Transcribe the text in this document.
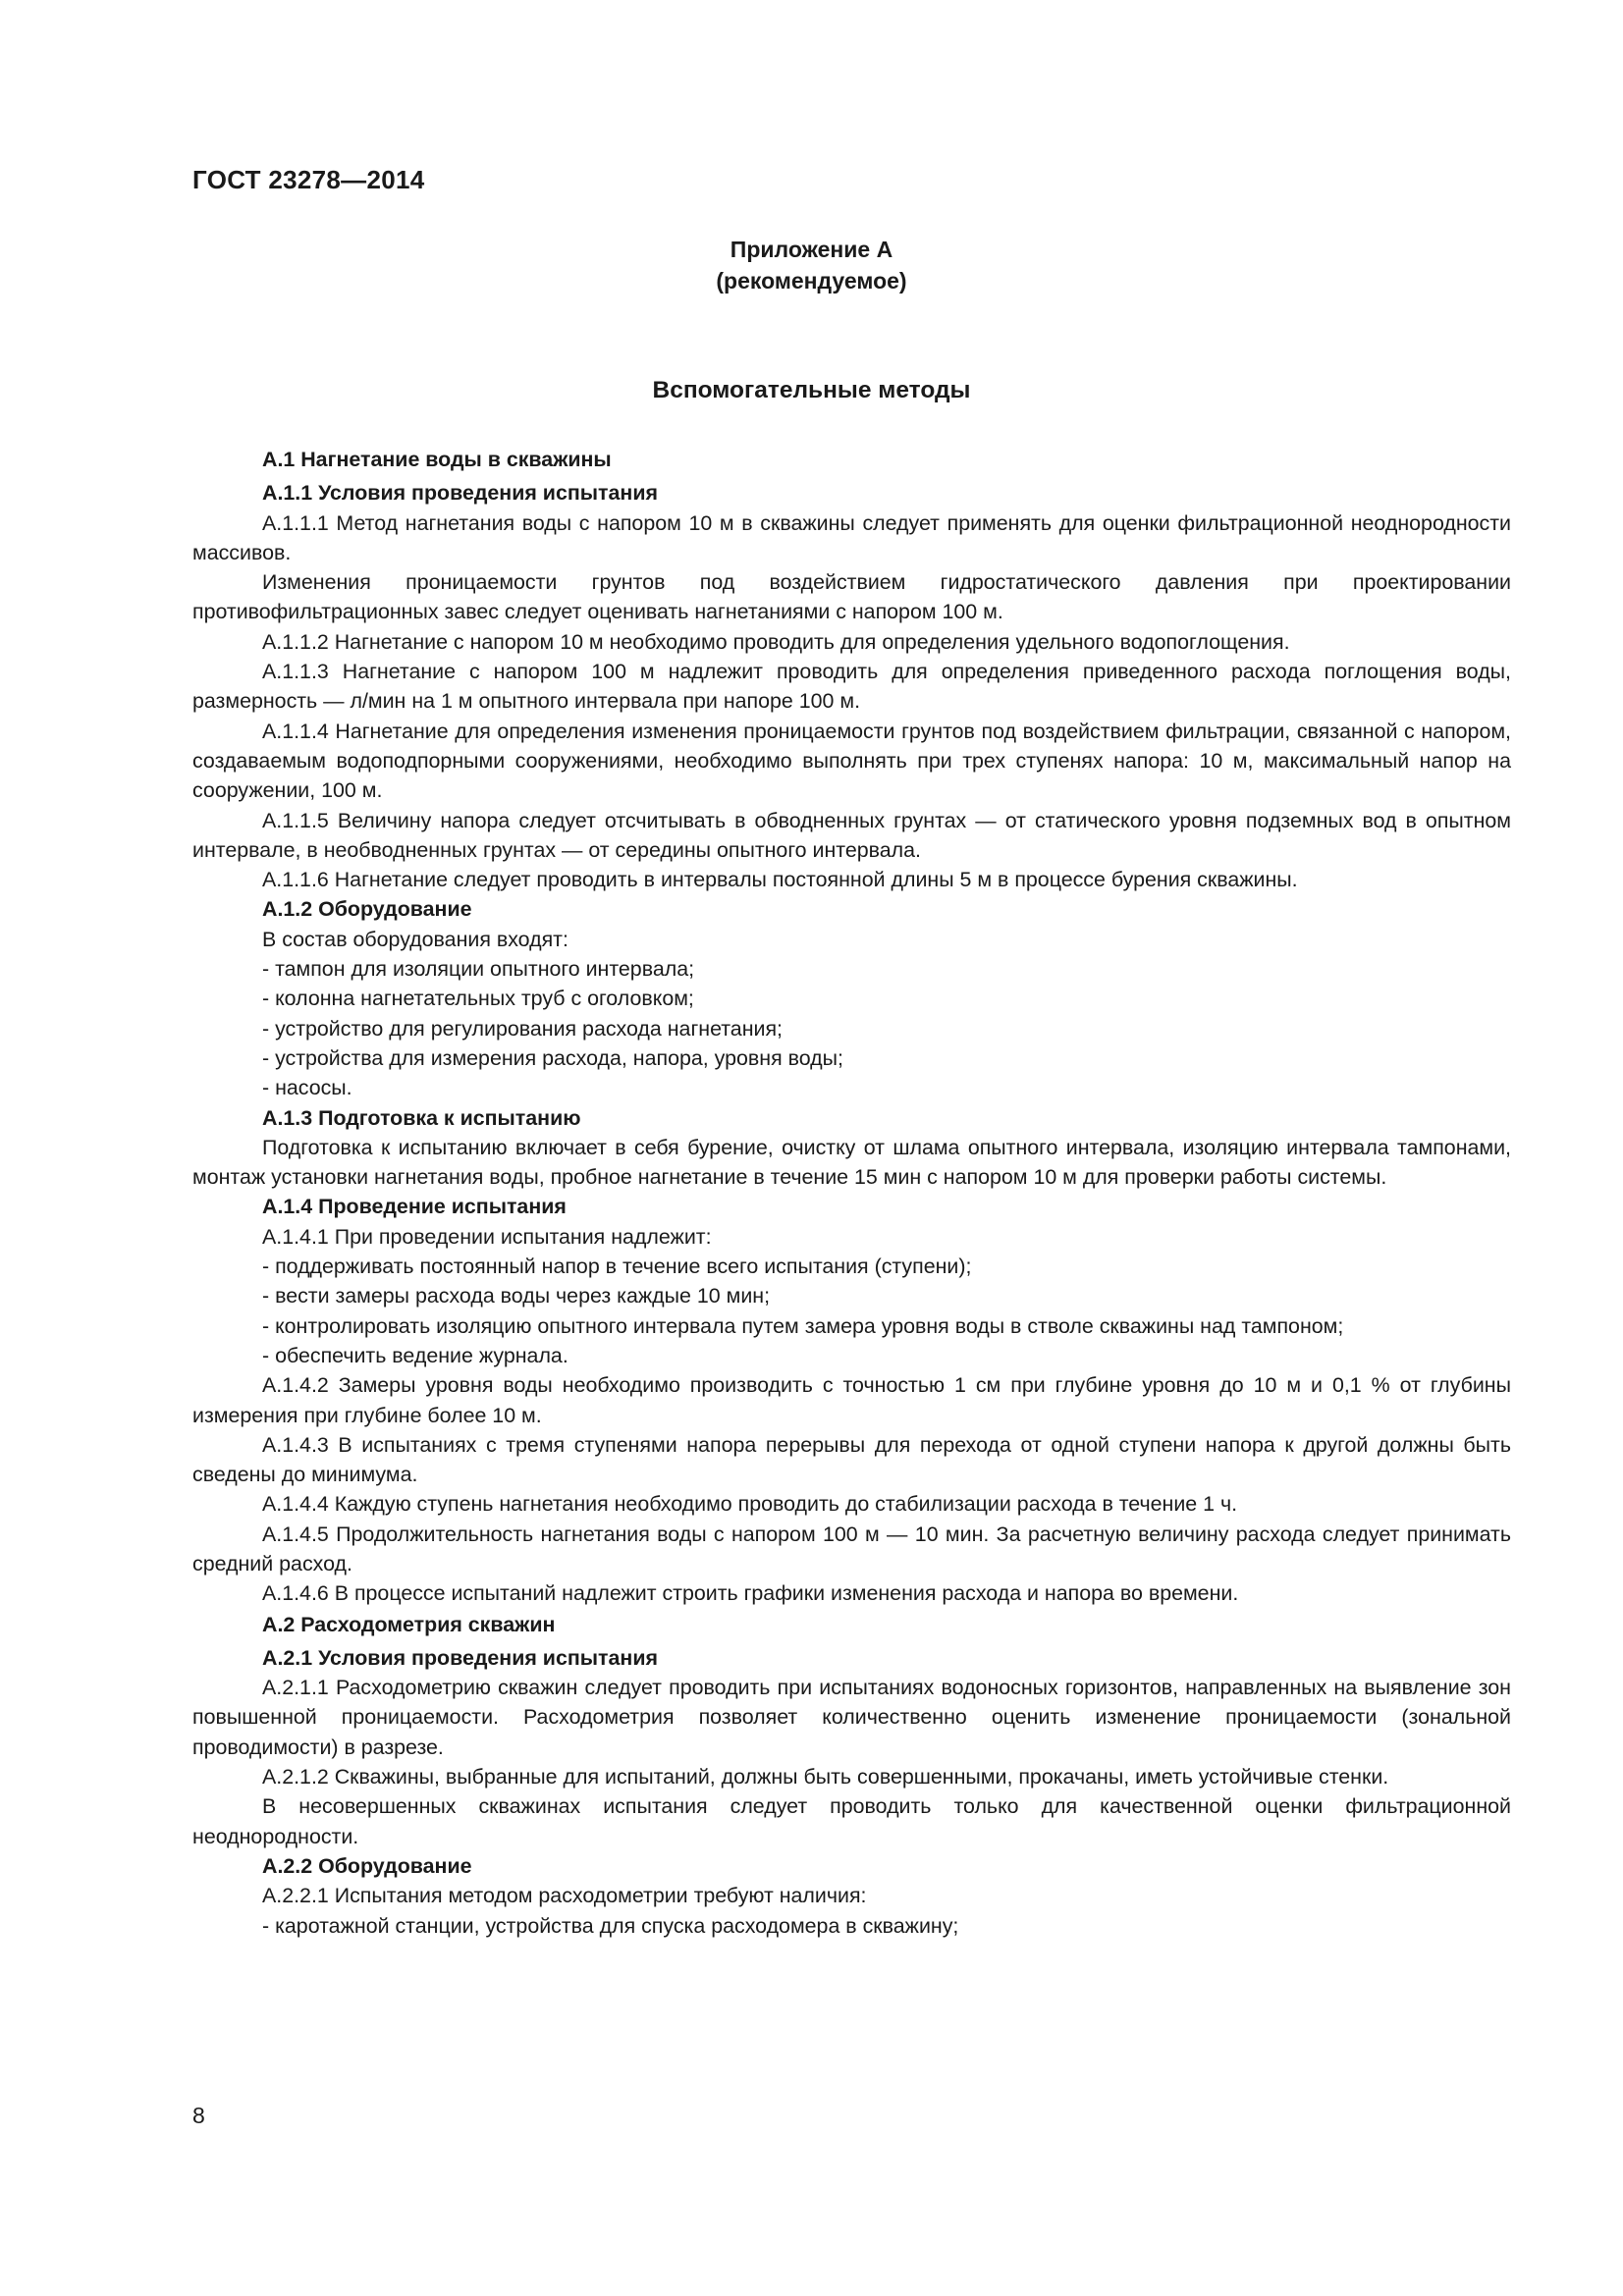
ГОСТ 23278—2014
Приложение А
(рекомендуемое)
Вспомогательные методы

А.1 Нагнетание воды в скважины

А.1.1 Условия проведения испытания

А.1.1.1 Метод нагнетания воды с напором 10 м в скважины следует применять для оценки фильтрационной неоднородности массивов.

Изменения проницаемости грунтов под воздействием гидростатического давления при проектировании противофильтрационных завес следует оценивать нагнетаниями с напором 100 м.

А.1.1.2 Нагнетание с напором 10 м необходимо проводить для определения удельного водопоглощения.

А.1.1.3 Нагнетание с напором 100 м надлежит проводить для определения приведенного расхода поглощения воды, размерность — л/мин на 1 м опытного интервала при напоре 100 м.

А.1.1.4 Нагнетание для определения изменения проницаемости грунтов под воздействием фильтрации, связанной с напором, создаваемым водоподпорными сооружениями, необходимо выполнять при трех ступенях напора: 10 м, максимальный напор на сооружении, 100 м.

А.1.1.5 Величину напора следует отсчитывать в обводненных грунтах — от статического уровня подземных вод в опытном интервале, в необводненных грунтах — от середины опытного интервала.

А.1.1.6 Нагнетание следует проводить в интервалы постоянной длины 5 м в процессе бурения скважины.

А.1.2 Оборудование

В состав оборудования входят:

- тампон для изоляции опытного интервала;

- колонна нагнетательных труб с оголовком;

- устройство для регулирования расхода нагнетания;

- устройства для измерения расхода, напора, уровня воды;

- насосы.

А.1.3 Подготовка к испытанию

Подготовка к испытанию включает в себя бурение, очистку от шлама опытного интервала, изоляцию интервала тампонами, монтаж установки нагнетания воды, пробное нагнетание в течение 15 мин с напором 10 м для проверки работы системы.

А.1.4 Проведение испытания

А.1.4.1 При проведении испытания надлежит:

- поддерживать постоянный напор в течение всего испытания (ступени);

- вести замеры расхода воды через каждые 10 мин;

- контролировать изоляцию опытного интервала путем замера уровня воды в стволе скважины над тампоном;

- обеспечить ведение журнала.

А.1.4.2 Замеры уровня воды необходимо производить с точностью 1 см при глубине уровня до 10 м и 0,1 % от глубины измерения при глубине более 10 м.

А.1.4.3 В испытаниях с тремя ступенями напора перерывы для перехода от одной ступени напора к другой должны быть сведены до минимума.

А.1.4.4 Каждую ступень нагнетания необходимо проводить до стабилизации расхода в течение 1 ч.

А.1.4.5 Продолжительность нагнетания воды с напором 100 м — 10 мин. За расчетную величину расхода следует принимать средний расход.

А.1.4.6 В процессе испытаний надлежит строить графики изменения расхода и напора во времени.

А.2 Расходометрия скважин

А.2.1 Условия проведения испытания

А.2.1.1 Расходометрию скважин следует проводить при испытаниях водоносных горизонтов, направленных на выявление зон повышенной проницаемости. Расходометрия позволяет количественно оценить изменение проницаемости (зональной проводимости) в разрезе.

А.2.1.2 Скважины, выбранные для испытаний, должны быть совершенными, прокачаны, иметь устойчивые стенки.

В несовершенных скважинах испытания следует проводить только для качественной оценки фильтрационной неоднородности.

А.2.2 Оборудование

А.2.2.1 Испытания методом расходометрии требуют наличия:

- каротажной станции, устройства для спуска расходомера в скважину;

8
